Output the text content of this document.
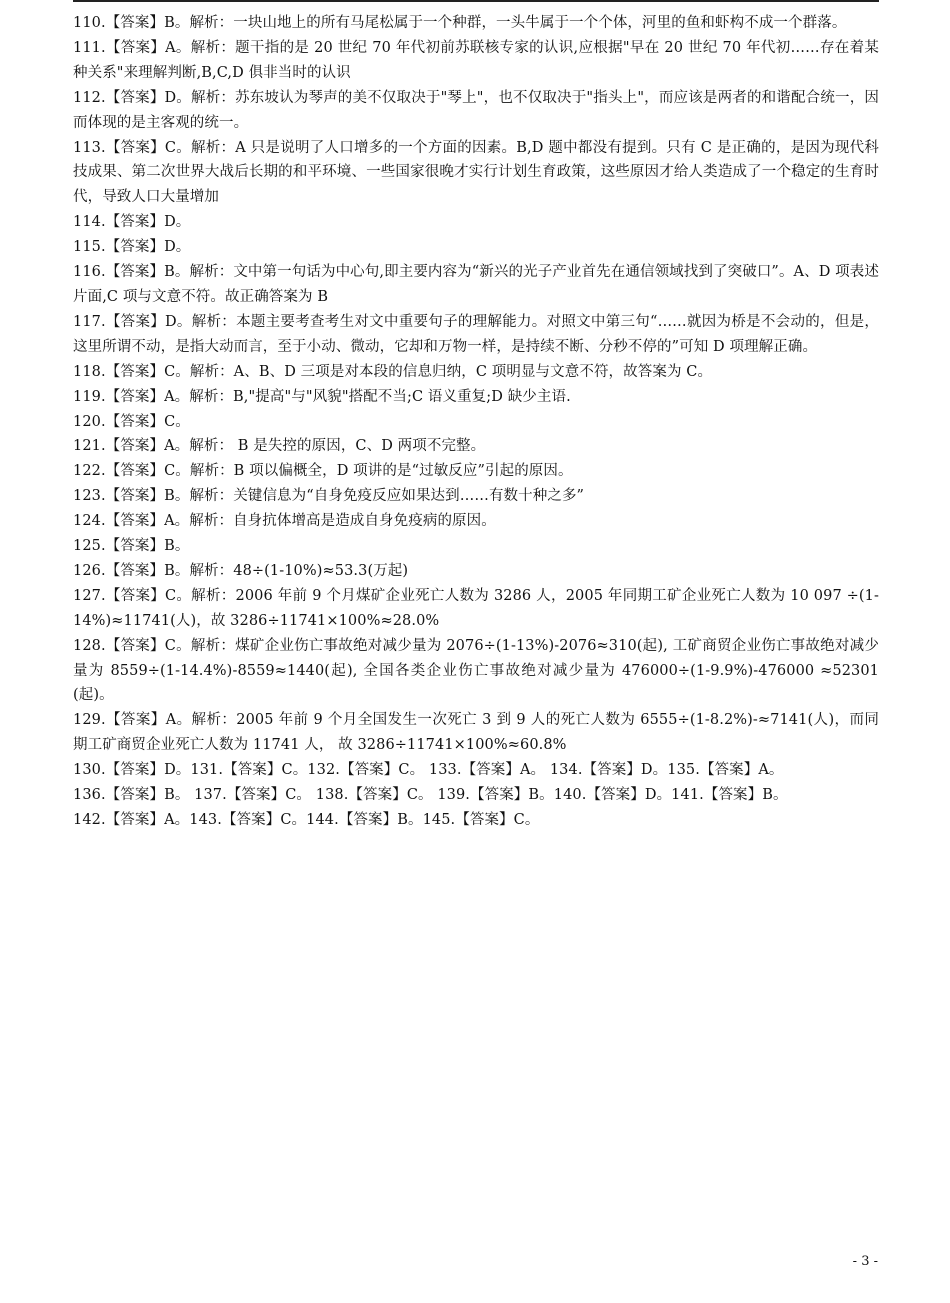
110.【答案】B。解析：一块山地上的所有马尾松属于一个种群，一头牛属于一个个体，河里的鱼和虾构不成一个群落。

111.【答案】A。解析：题干指的是 20 世纪 70 年代初前苏联核专家的认识,应根据"早在 20 世纪 70 年代初……存在着某种关系"来理解判断,B,C,D 俱非当时的认识

112.【答案】D。解析：苏东坡认为琴声的美不仅取决于"琴上"，也不仅取决于"指头上"，而应该是两者的和谐配合统一，因而体现的是主客观的统一。

113.【答案】C。解析：A 只是说明了人口增多的一个方面的因素。B,D 题中都没有提到。只有 C 是正确的，是因为现代科技成果、第二次世界大战后长期的和平环境、一些国家很晚才实行计划生育政策，这些原因才给人类造成了一个稳定的生育时代，导致人口大量增加

114.【答案】D。

115.【答案】D。

116.【答案】B。解析：文中第一句话为中心句,即主要内容为“新兴的光子产业首先在通信领域找到了突破口”。A、D 项表述片面,C 项与文意不符。故正确答案为 B

117.【答案】D。解析：本题主要考查考生对文中重要句子的理解能力。对照文中第三句“……就因为桥是不会动的，但是，这里所谓不动，是指大动而言，至于小动、微动，它却和万物一样，是持续不断、分秒不停的”可知 D 项理解正确。

118.【答案】C。解析：A、B、D 三项是对本段的信息归纳，C 项明显与文意不符，故答案为 C。

119.【答案】A。解析：B,"提高"与"风貌"搭配不当;C 语义重复;D 缺少主语.

120.【答案】C。

121.【答案】A。解析： B 是失控的原因，C、D 两项不完整。

122.【答案】C。解析：B 项以偏概全，D 项讲的是“过敏反应”引起的原因。

123.【答案】B。解析：关键信息为“自身免疫反应如果达到……有数十种之多”

124.【答案】A。解析：自身抗体增高是造成自身免疫病的原因。

125.【答案】B。

126.【答案】B。解析：48÷(1-10%)≈53.3(万起)

127.【答案】C。解析：2006 年前 9 个月煤矿企业死亡人数为 3286 人，2005 年同期工矿企业死亡人数为 10 097 ÷(1-14%)≈11741(人)，故 3286÷11741×100%≈28.0%

128.【答案】C。解析：煤矿企业伤亡事故绝对减少量为 2076÷(1-13%)-2076≈310(起), 工矿商贸企业伤亡事故绝对减少量为 8559÷(1-14.4%)-8559≈1440(起), 全国各类企业伤亡事故绝对减少量为 476000÷(1-9.9%)-476000 ≈52301(起)。

129.【答案】A。解析：2005 年前 9 个月全国发生一次死亡 3 到 9 人的死亡人数为 6555÷(1-8.2%)-≈7141(人)，而同期工矿商贸企业死亡人数为 11741 人， 故 3286÷11741×100%≈60.8%

130.【答案】D。131.【答案】C。132.【答案】C。 133.【答案】A。 134.【答案】D。135.【答案】A。

136.【答案】B。 137.【答案】C。 138.【答案】C。 139.【答案】B。140.【答案】D。141.【答案】B。

142.【答案】A。143.【答案】C。144.【答案】B。145.【答案】C。

- 3 -
